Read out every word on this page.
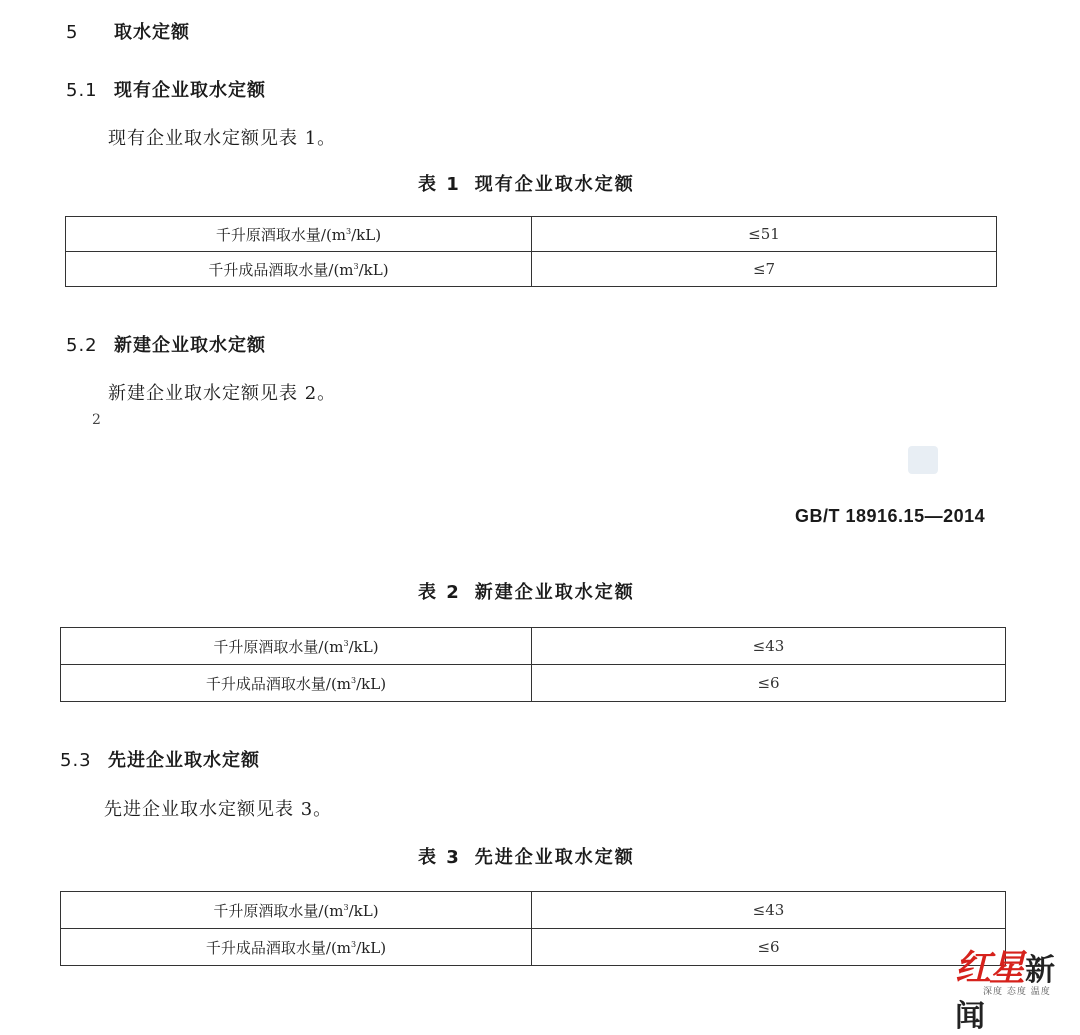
5 取水定额
5.1 现有企业取水定额
现有企业取水定额见表 1。
表 1 现有企业取水定额
千升原酒取水量$/(m^3/kL)$	≤51
千升成品酒取水量$/(m^3/kL)$	≤7
5.2 新建企业取水定额
新建企业取水定额见表 2。
2
GB/T 18916.15—2014
表 2 新建企业取水定额
千升原酒取水量$/(m^3/kL)$	≤43
千升成品酒取水量$/(m^3/kL)$	≤6
5.3 先进企业取水定额
先进企业取水定额见表 3。
表 3 先进企业取水定额
千升原酒取水量$/(m^3/kL)$	≤43
千升成品酒取水量$/(m^3/kL)$	≤6	红星新闻
深度 态度 温度
